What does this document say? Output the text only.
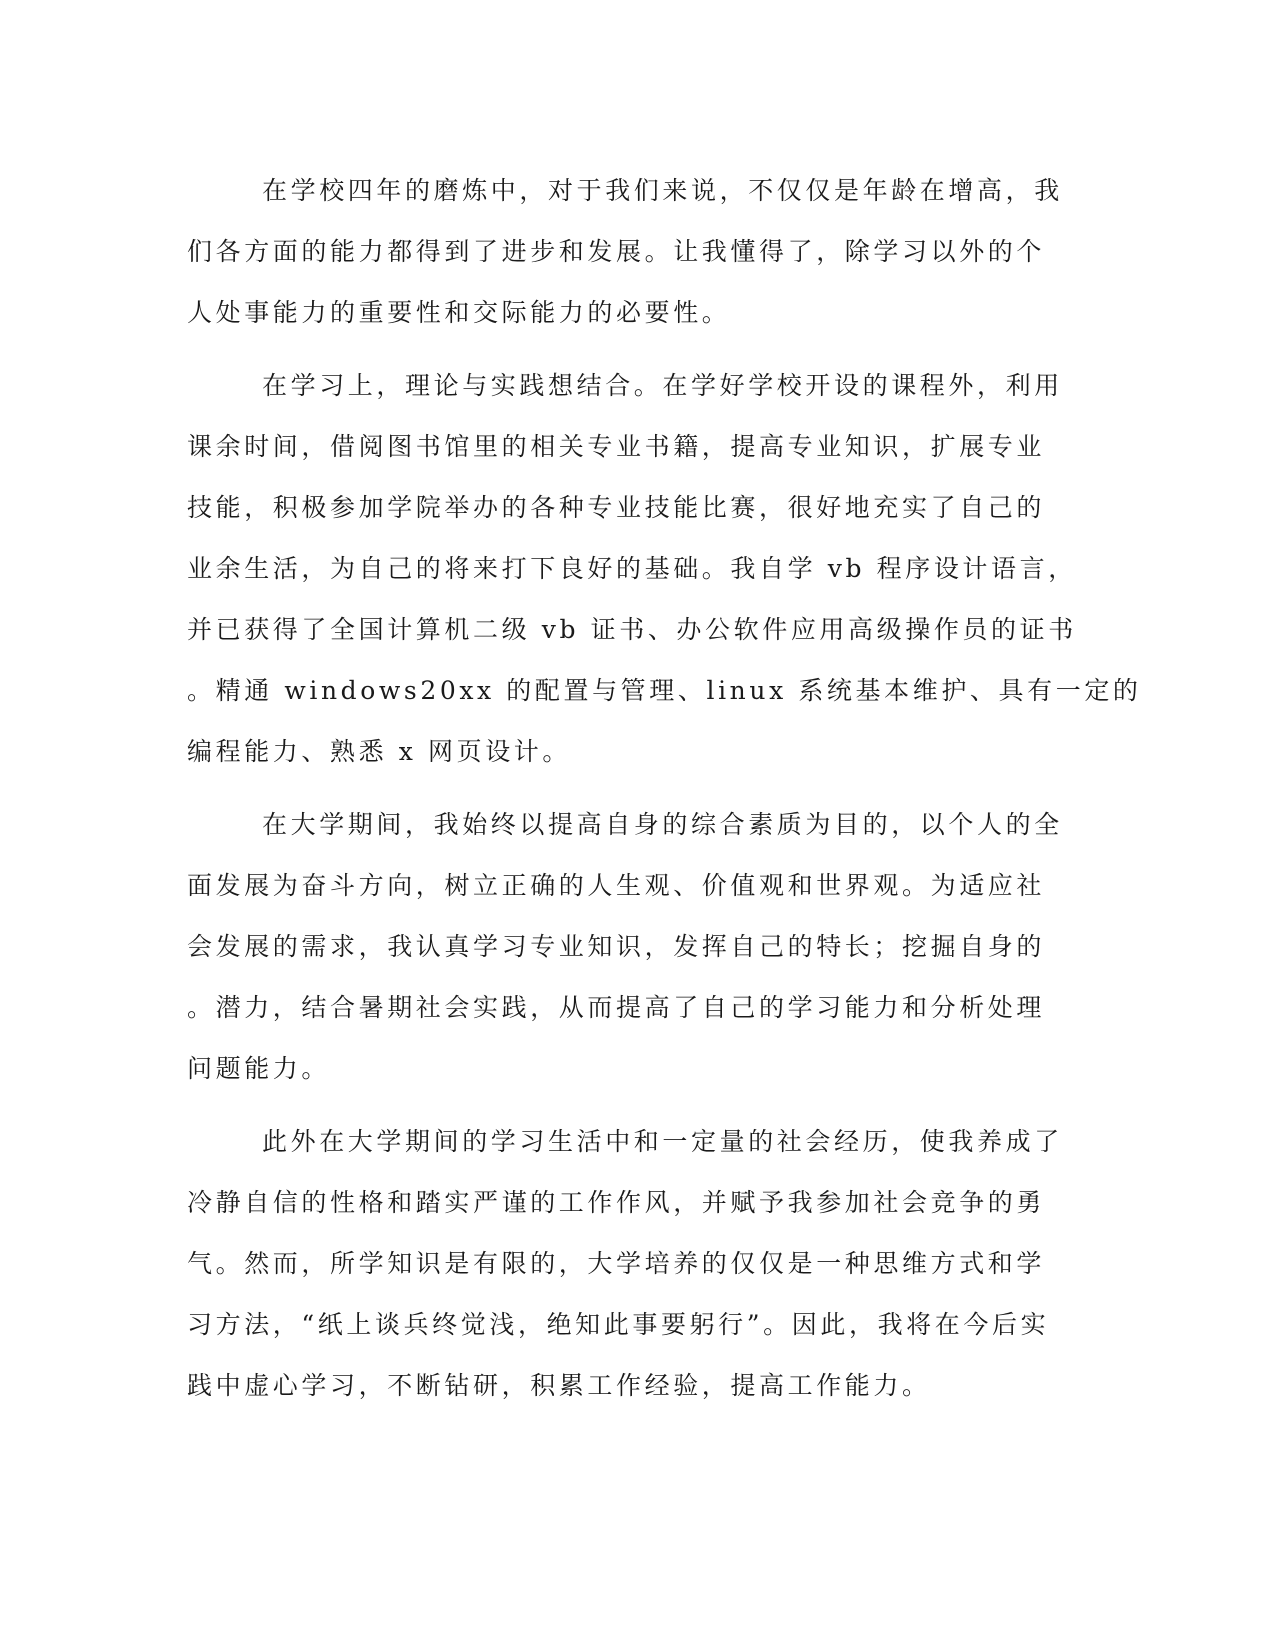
在学校四年的磨炼中，对于我们来说，不仅仅是年龄在增高，我
们各方面的能力都得到了进步和发展。让我懂得了，除学习以外的个
人处事能力的重要性和交际能力的必要性。
在学习上，理论与实践想结合。在学好学校开设的课程外，利用
课余时间，借阅图书馆里的相关专业书籍，提高专业知识，扩展专业
技能，积极参加学院举办的各种专业技能比赛，很好地充实了自己的
业余生活，为自己的将来打下良好的基础。我自学 vb 程序设计语言，
并已获得了全国计算机二级 vb 证书、办公软件应用高级操作员的证书
。精通 windows20xx 的配置与管理、linux 系统基本维护、具有一定的
编程能力、熟悉 x 网页设计。
在大学期间，我始终以提高自身的综合素质为目的，以个人的全
面发展为奋斗方向，树立正确的人生观、价值观和世界观。为适应社
会发展的需求，我认真学习专业知识，发挥自己的特长；挖掘自身的
。潜力，结合暑期社会实践，从而提高了自己的学习能力和分析处理
问题能力。
此外在大学期间的学习生活中和一定量的社会经历，使我养成了
冷静自信的性格和踏实严谨的工作作风，并赋予我参加社会竞争的勇
气。然而，所学知识是有限的，大学培养的仅仅是一种思维方式和学
习方法，“纸上谈兵终觉浅，绝知此事要躬行”。因此，我将在今后实
践中虚心学习，不断钻研，积累工作经验，提高工作能力。
